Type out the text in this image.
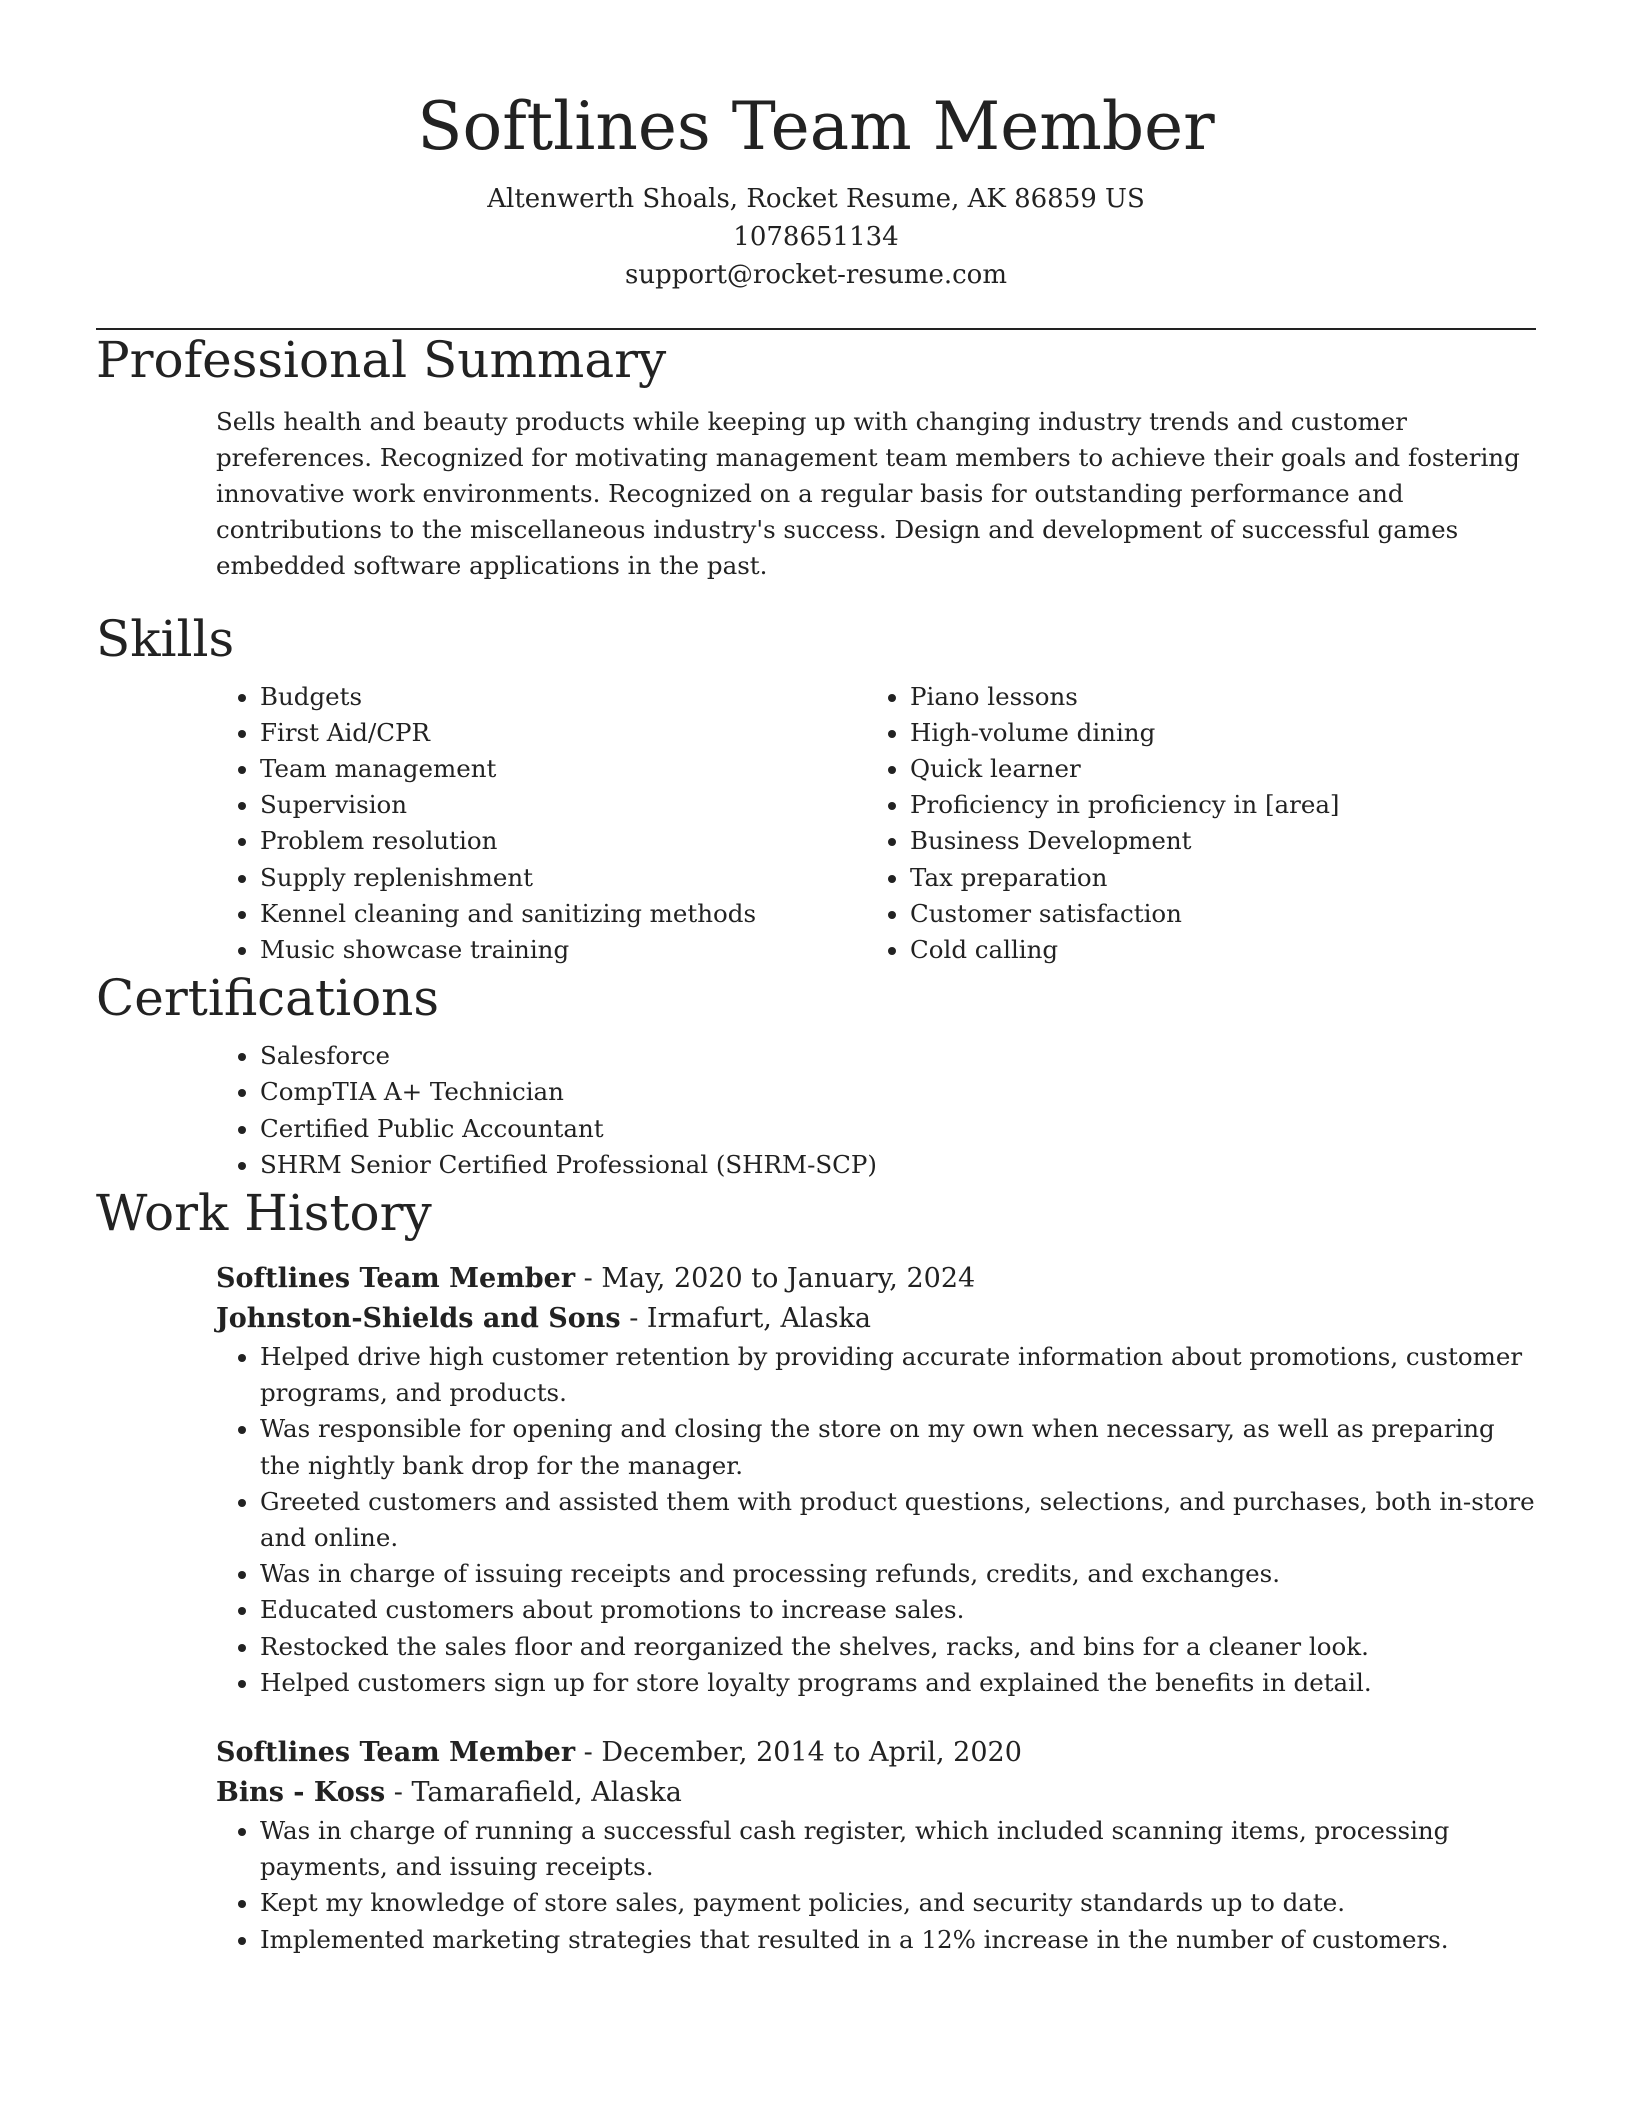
Softlines Team Member
Altenwerth Shoals, Rocket Resume, AK 86859 US
1078651134
support@rocket-resume.com
Professional Summary

Sells health and beauty products while keeping up with changing industry trends and customer preferences. Recognized for motivating management team members to achieve their goals and fostering innovative work environments. Recognized on a regular basis for outstanding performance and contributions to the miscellaneous industry's success. Design and development of successful games embedded software applications in the past.

Skills
• Budgets
• First Aid/CPR
• Team management
• Supervision
• Problem resolution
• Supply replenishment
• Kennel cleaning and sanitizing methods
• Music showcase training
• Piano lessons
• High-volume dining
• Quick learner
• Proficiency in proficiency in [area]
• Business Development
• Tax preparation
• Customer satisfaction
• Cold calling
Certifications
• Salesforce
• CompTIA A+ Technician
• Certified Public Accountant
• SHRM Senior Certified Professional (SHRM-SCP)
Work History
Softlines Team Member - May, 2020 to January, 2024
Johnston-Shields and Sons - Irmafurt, Alaska
• Helped drive high customer retention by providing accurate information about promotions, customer programs, and products.
• Was responsible for opening and closing the store on my own when necessary, as well as preparing the nightly bank drop for the manager.
• Greeted customers and assisted them with product questions, selections, and purchases, both in-store and online.
• Was in charge of issuing receipts and processing refunds, credits, and exchanges.
• Educated customers about promotions to increase sales.
• Restocked the sales floor and reorganized the shelves, racks, and bins for a cleaner look.
• Helped customers sign up for store loyalty programs and explained the benefits in detail.
Softlines Team Member - December, 2014 to April, 2020
Bins - Koss - Tamarafield, Alaska
• Was in charge of running a successful cash register, which included scanning items, processing payments, and issuing receipts.
• Kept my knowledge of store sales, payment policies, and security standards up to date.
• Implemented marketing strategies that resulted in a 12% increase in the number of customers.
